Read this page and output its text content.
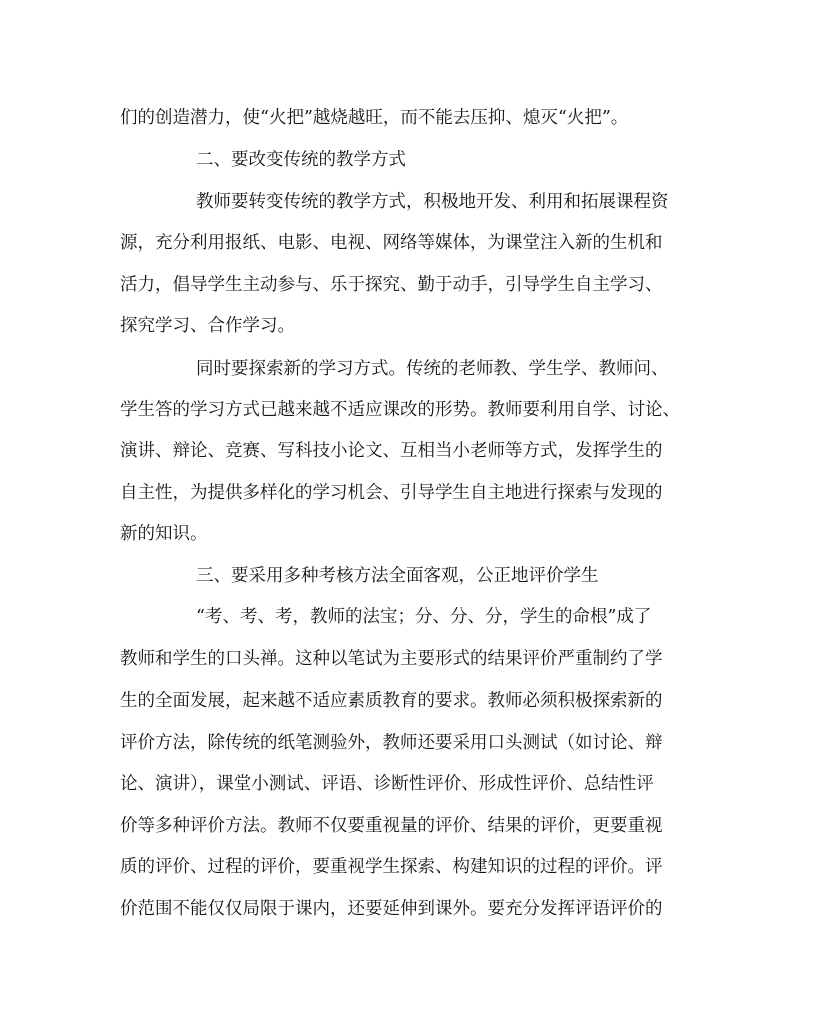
们的创造潜力，使“火把”越烧越旺，而不能去压抑、熄灭“火把”。
二、要改变传统的教学方式
教师要转变传统的教学方式，积极地开发、利用和拓展课程资
源，充分利用报纸、电影、电视、网络等媒体，为课堂注入新的生机和
活力，倡导学生主动参与、乐于探究、勤于动手，引导学生自主学习、
探究学习、合作学习。
同时要探索新的学习方式。传统的老师教、学生学、教师问、
学生答的学习方式已越来越不适应课改的形势。教师要利用自学、讨论、
演讲、辩论、竞赛、写科技小论文、互相当小老师等方式，发挥学生的
自主性，为提供多样化的学习机会、引导学生自主地进行探索与发现的
新的知识。
三、要采用多种考核方法全面客观，公正地评价学生
“考、考、考，教师的法宝；分、分、分，学生的命根”成了
教师和学生的口头禅。这种以笔试为主要形式的结果评价严重制约了学
生的全面发展，起来越不适应素质教育的要求。教师必须积极探索新的
评价方法，除传统的纸笔测验外，教师还要采用口头测试（如讨论、辩
论、演讲），课堂小测试、评语、诊断性评价、形成性评价、总结性评
价等多种评价方法。教师不仅要重视量的评价、结果的评价，更要重视
质的评价、过程的评价，要重视学生探索、构建知识的过程的评价。评
价范围不能仅仅局限于课内，还要延伸到课外。要充分发挥评语评价的
